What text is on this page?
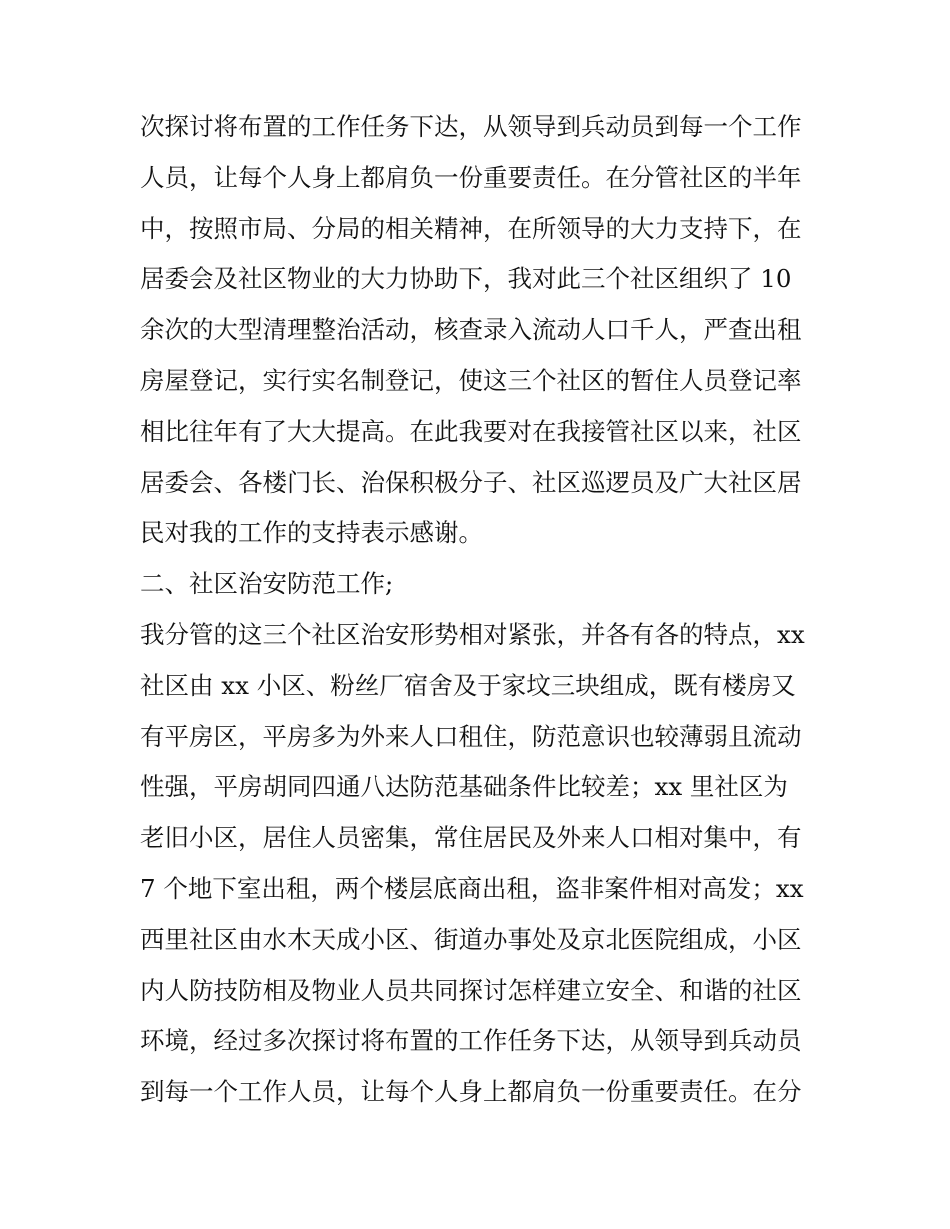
次探讨将布置的工作任务下达，从领导到兵动员到每一个工作
人员，让每个人身上都肩负一份重要责任。在分管社区的半年
中，按照市局、分局的相关精神，在所领导的大力支持下，在
居委会及社区物业的大力协助下，我对此三个社区组织了 10
余次的大型清理整治活动，核查录入流动人口千人，严查出租
房屋登记，实行实名制登记，使这三个社区的暂住人员登记率
相比往年有了大大提高。在此我要对在我接管社区以来，社区
居委会、各楼门长、治保积极分子、社区巡逻员及广大社区居
民对我的工作的支持表示感谢。
二、社区治安防范工作;
我分管的这三个社区治安形势相对紧张，并各有各的特点，xx
社区由 xx 小区、粉丝厂宿舍及于家坟三块组成，既有楼房又
有平房区，平房多为外来人口租住，防范意识也较薄弱且流动
性强，平房胡同四通八达防范基础条件比较差；xx 里社区为
老旧小区，居住人员密集，常住居民及外来人口相对集中，有
7 个地下室出租，两个楼层底商出租，盗非案件相对高发；xx
西里社区由水木天成小区、街道办事处及京北医院组成，小区
内人防技防相及物业人员共同探讨怎样建立安全、和谐的社区
环境，经过多次探讨将布置的工作任务下达，从领导到兵动员
到每一个工作人员，让每个人身上都肩负一份重要责任。在分
